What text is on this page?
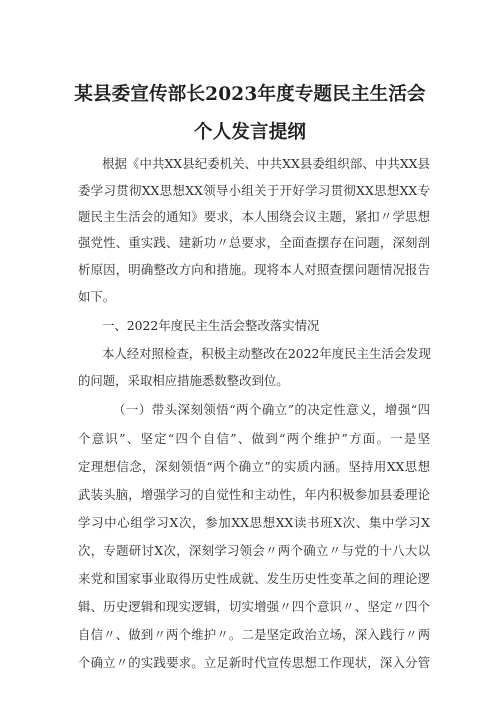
某县委宣传部长2023年度专题民主生活会
个人发言提纲
根据《中共XX县纪委机关、中共XX县委组织部、中共XX县
委学习贯彻XX思想XX领导小组关于开好学习贯彻XX思想XX专
题民主生活会的通知》要求，本人围绕会议主题，紧扣〃学思想
强党性、重实践、建新功〃总要求，全面查摆存在问题，深刻剖
析原因，明确整改方向和措施。现将本人对照查摆问题情况报告
如下。
一、2022年度民主生活会整改落实情况
本人经对照检查，积极主动整改在2022年度民主生活会发现
的问题，采取相应措施悉数整改到位。
（一）带头深刻领悟“两个确立”的决定性意义，增强“四
个意识”、坚定“四个自信”、做到“两个维护”方面。一是坚
定理想信念，深刻领悟“两个确立”的实质内涵。坚持用XX思想
武装头脑，增强学习的自觉性和主动性，年内积极参加县委理论
学习中心组学习X次，参加XX思想XX读书班X次、集中学习X
次，专题研讨X次，深刻学习领会〃两个确立〃与党的十八大以
来党和国家事业取得历史性成就、发生历史性变革之间的理论逻
辑、历史逻辑和现实逻辑，切实增强〃四个意识〃、坚定〃四个
自信〃、做到〃两个维护〃。二是坚定政治立场，深入践行〃两
个确立〃的实践要求。立足新时代宣传思想工作现状，深入分管
